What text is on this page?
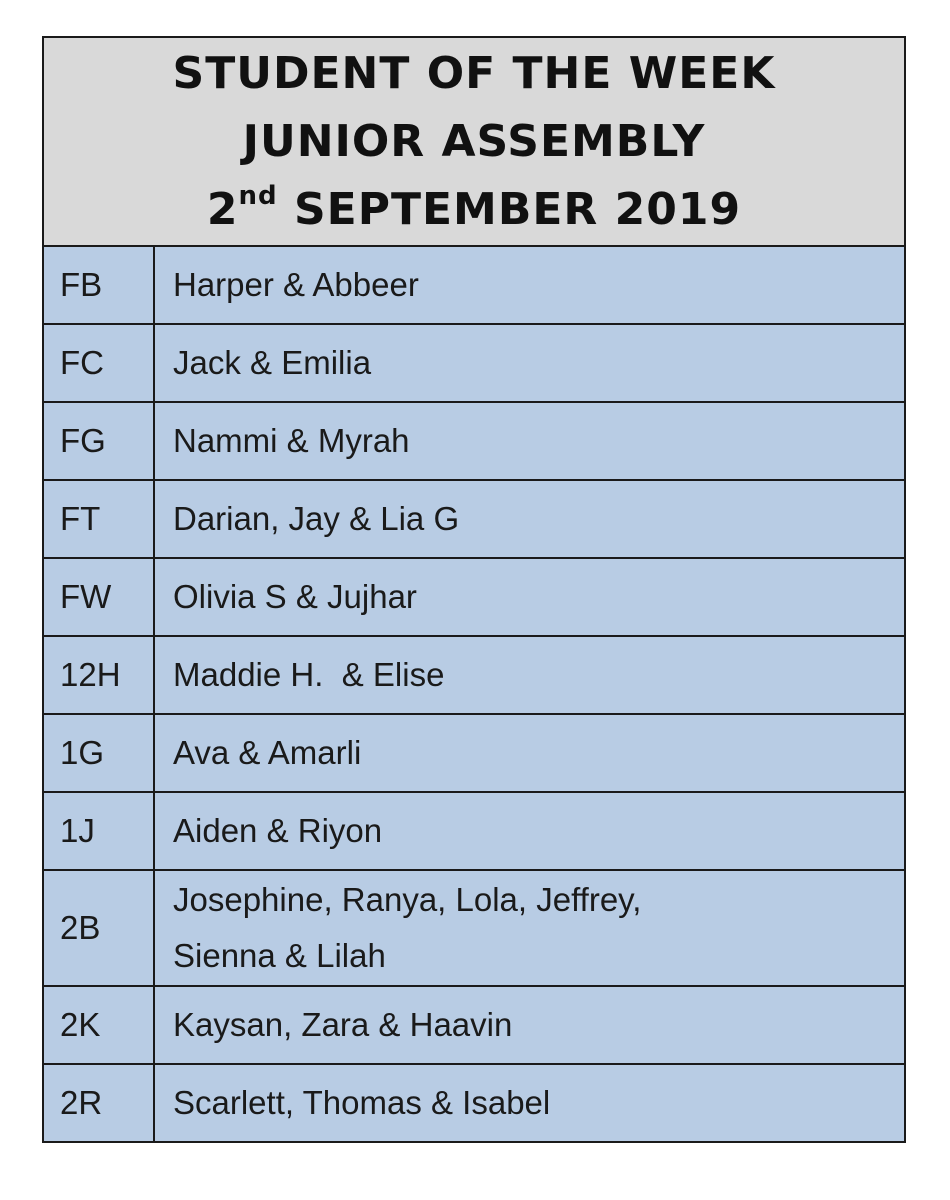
STUDENT OF THE WEEK
JUNIOR ASSEMBLY
2nd SEPTEMBER 2019	

FB	Harper & Abbeer
FC	Jack & Emilia
FG	Nammi & Myrah
FT	Darian, Jay & Lia G
FW	Olivia S & Jujhar
12H	Maddie H.  & Elise
1G	Ava & Amarli
1J	Aiden & Riyon
2B	Josephine, Ranya, Lola, Jeffrey,
Sienna & Lilah

2K	Kaysan, Zara & Haavin
2R	Scarlett, Thomas & Isabel
